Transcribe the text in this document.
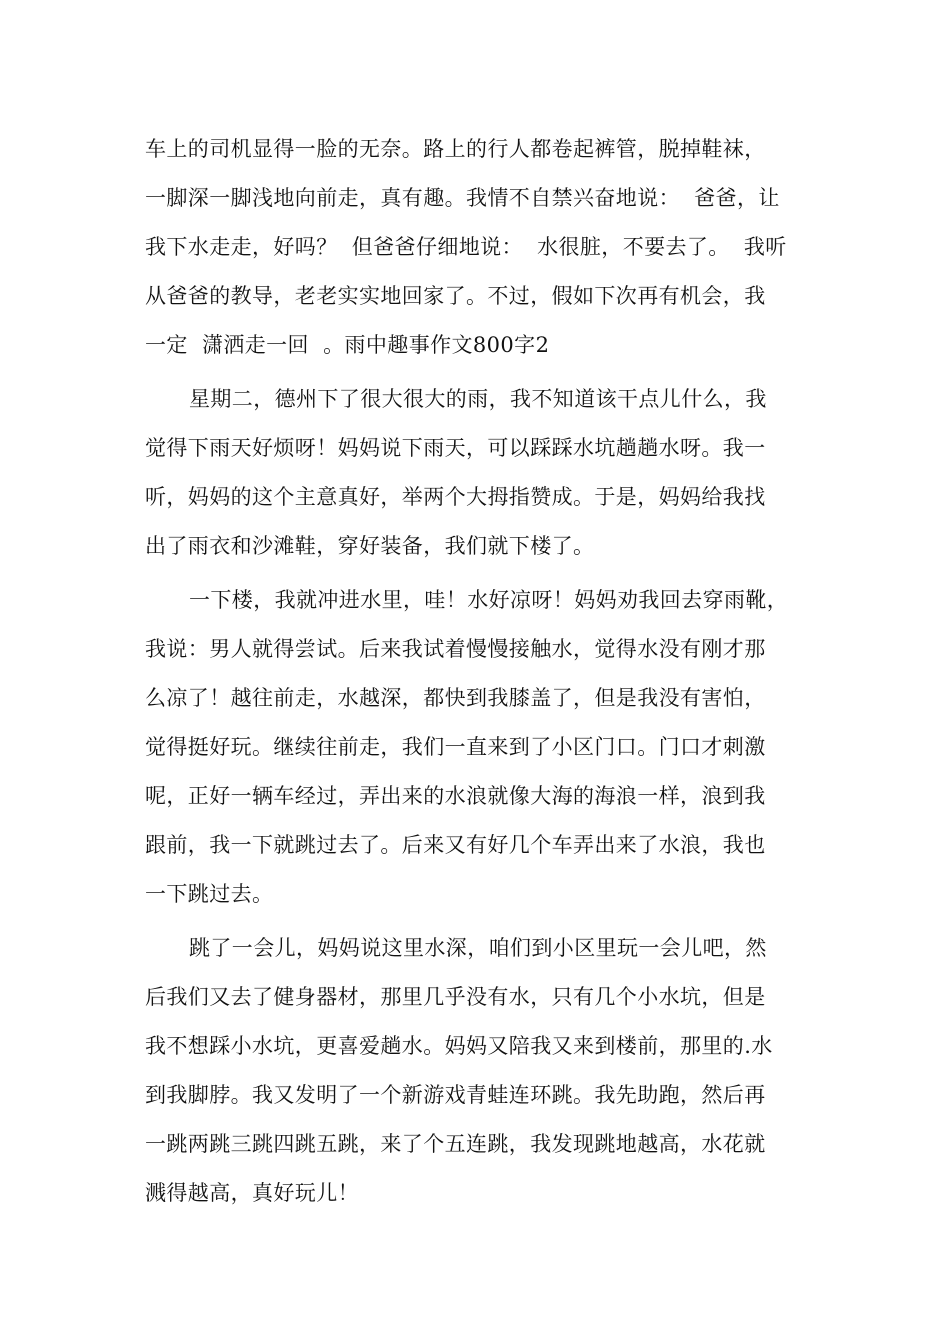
车上的司机显得一脸的无奈。路上的行人都卷起裤管，脱掉鞋袜，
一脚深一脚浅地向前走，真有趣。我情不自禁兴奋地说：  爸爸，让
我下水走走，好吗？  但爸爸仔细地说：  水很脏，不要去了。  我听
从爸爸的教导，老老实实地回家了。不过，假如下次再有机会，我
一定  潇洒走一回  。雨中趣事作文800字2
星期二，德州下了很大很大的雨，我不知道该干点儿什么，我
觉得下雨天好烦呀！妈妈说下雨天，可以踩踩水坑趟趟水呀。我一
听，妈妈的这个主意真好，举两个大拇指赞成。于是，妈妈给我找
出了雨衣和沙滩鞋，穿好装备，我们就下楼了。
一下楼，我就冲进水里，哇！水好凉呀！妈妈劝我回去穿雨靴，
我说：男人就得尝试。后来我试着慢慢接触水，觉得水没有刚才那
么凉了！越往前走，水越深，都快到我膝盖了，但是我没有害怕，
觉得挺好玩。继续往前走，我们一直来到了小区门口。门口才刺激
呢，正好一辆车经过，弄出来的水浪就像大海的海浪一样，浪到我
跟前，我一下就跳过去了。后来又有好几个车弄出来了水浪，我也
一下跳过去。
跳了一会儿，妈妈说这里水深，咱们到小区里玩一会儿吧，然
后我们又去了健身器材，那里几乎没有水，只有几个小水坑，但是
我不想踩小水坑，更喜爱趟水。妈妈又陪我又来到楼前，那里的.水
到我脚脖。我又发明了一个新游戏青蛙连环跳。我先助跑，然后再
一跳两跳三跳四跳五跳，来了个五连跳，我发现跳地越高，水花就
溅得越高，真好玩儿！
